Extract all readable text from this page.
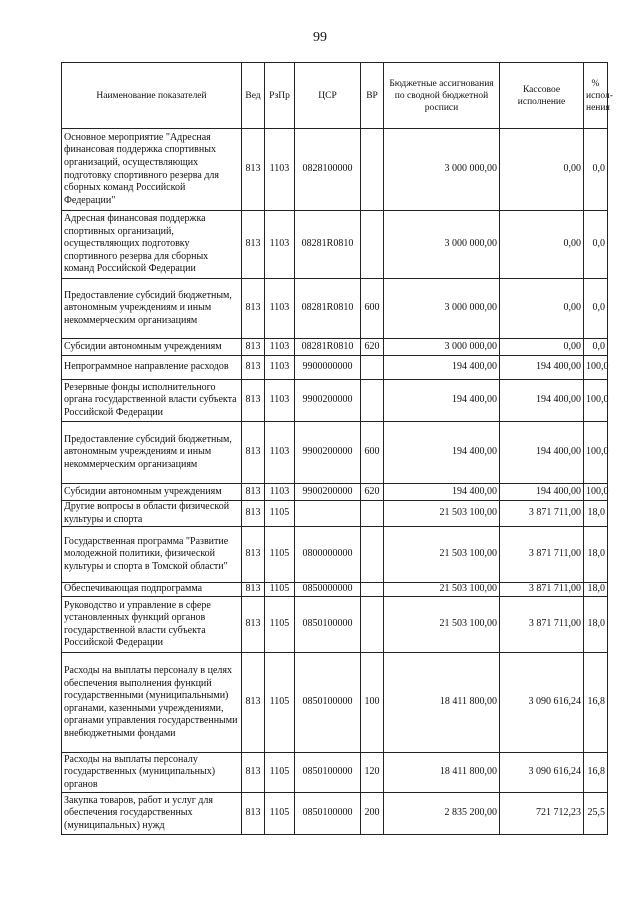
99
Наименование показателей	Вед	РзПр	ЦСР	ВР	Бюджетные ассигнования по сводной бюджетной росписи	Кассовое исполнение	% испол-нения
Основное мероприятие "Адресная финансовая поддержка спортивных организаций, осуществляющих подготовку спортивного резерва для сборных команд Российской Федерации"	813	1103	0828100000		3 000 000,00	0,00	0,0
Адресная финансовая поддержка спортивных организаций, осуществляющих подготовку спортивного резерва для сборных команд Российской Федерации	813	1103	08281R0810		3 000 000,00	0,00	0,0
Предоставление субсидий бюджетным, автономным учреждениям и иным некоммерческим организациям	813	1103	08281R0810	600	3 000 000,00	0,00	0,0
Субсидии автономным учреждениям	813	1103	08281R0810	620	3 000 000,00	0,00	0,0
Непрограммное направление расходов	813	1103	9900000000		194 400,00	194 400,00	100,0
Резервные фонды исполнительного органа государственной власти субъекта Российской Федерации	813	1103	9900200000		194 400,00	194 400,00	100,0
Предоставление субсидий бюджетным, автономным учреждениям и иным некоммерческим организациям	813	1103	9900200000	600	194 400,00	194 400,00	100,0
Субсидии автономным учреждениям	813	1103	9900200000	620	194 400,00	194 400,00	100,0
Другие вопросы в области физической культуры и спорта	813	1105			21 503 100,00	3 871 711,00	18,0
Государственная программа "Развитие молодежной политики, физической культуры и спорта в Томской области"	813	1105	0800000000		21 503 100,00	3 871 711,00	18,0
Обеспечивающая подпрограмма	813	1105	0850000000		21 503 100,00	3 871 711,00	18,0
Руководство и управление в сфере установленных функций органов государственной власти субъекта Российской Федерации	813	1105	0850100000		21 503 100,00	3 871 711,00	18,0
Расходы на выплаты персоналу в целях обеспечения выполнения функций государственными (муниципальными) органами, казенными учреждениями, органами управления государственными внебюджетными фондами	813	1105	0850100000	100	18 411 800,00	3 090 616,24	16,8
Расходы на выплаты персоналу государственных (муниципальных) органов	813	1105	0850100000	120	18 411 800,00	3 090 616,24	16,8
Закупка товаров, работ и услуг для обеспечения государственных (муниципальных) нужд	813	1105	0850100000	200	2 835 200,00	721 712,23	25,5
